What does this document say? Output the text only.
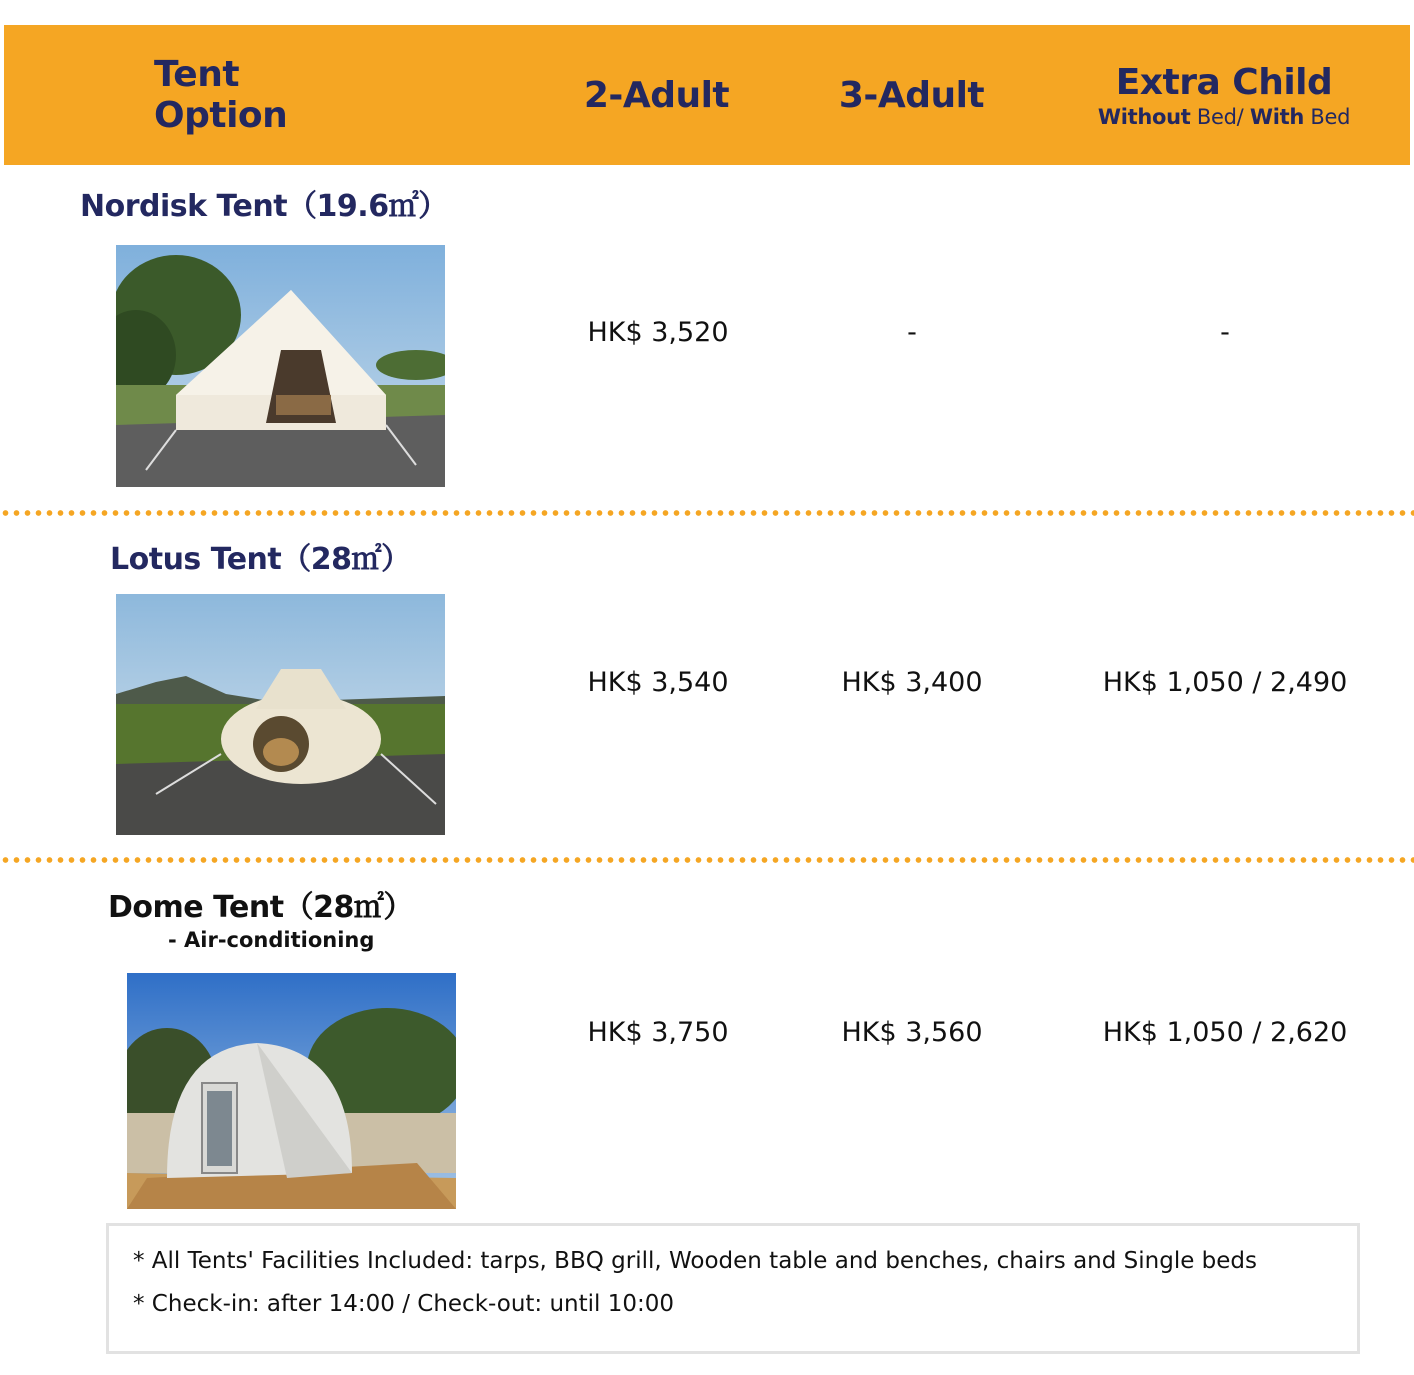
Tent Option	2-Adult	3-Adult	Extra Child
Without Bed/ With Bed
Nordisk Tent（19.6㎡）
HK$ 3,520	-	-
Lotus Tent（28㎡）
HK$ 3,540	HK$ 3,400	HK$ 1,050 / 2,490
Dome Tent（28㎡）
- Air-conditioning
HK$ 3,750	HK$ 3,560	HK$ 1,050 / 2,620
* All Tents' Facilities Included: tarps, BBQ grill, Wooden table and benches, chairs and Single beds
* Check-in: after 14:00 / Check-out: until 10:00
